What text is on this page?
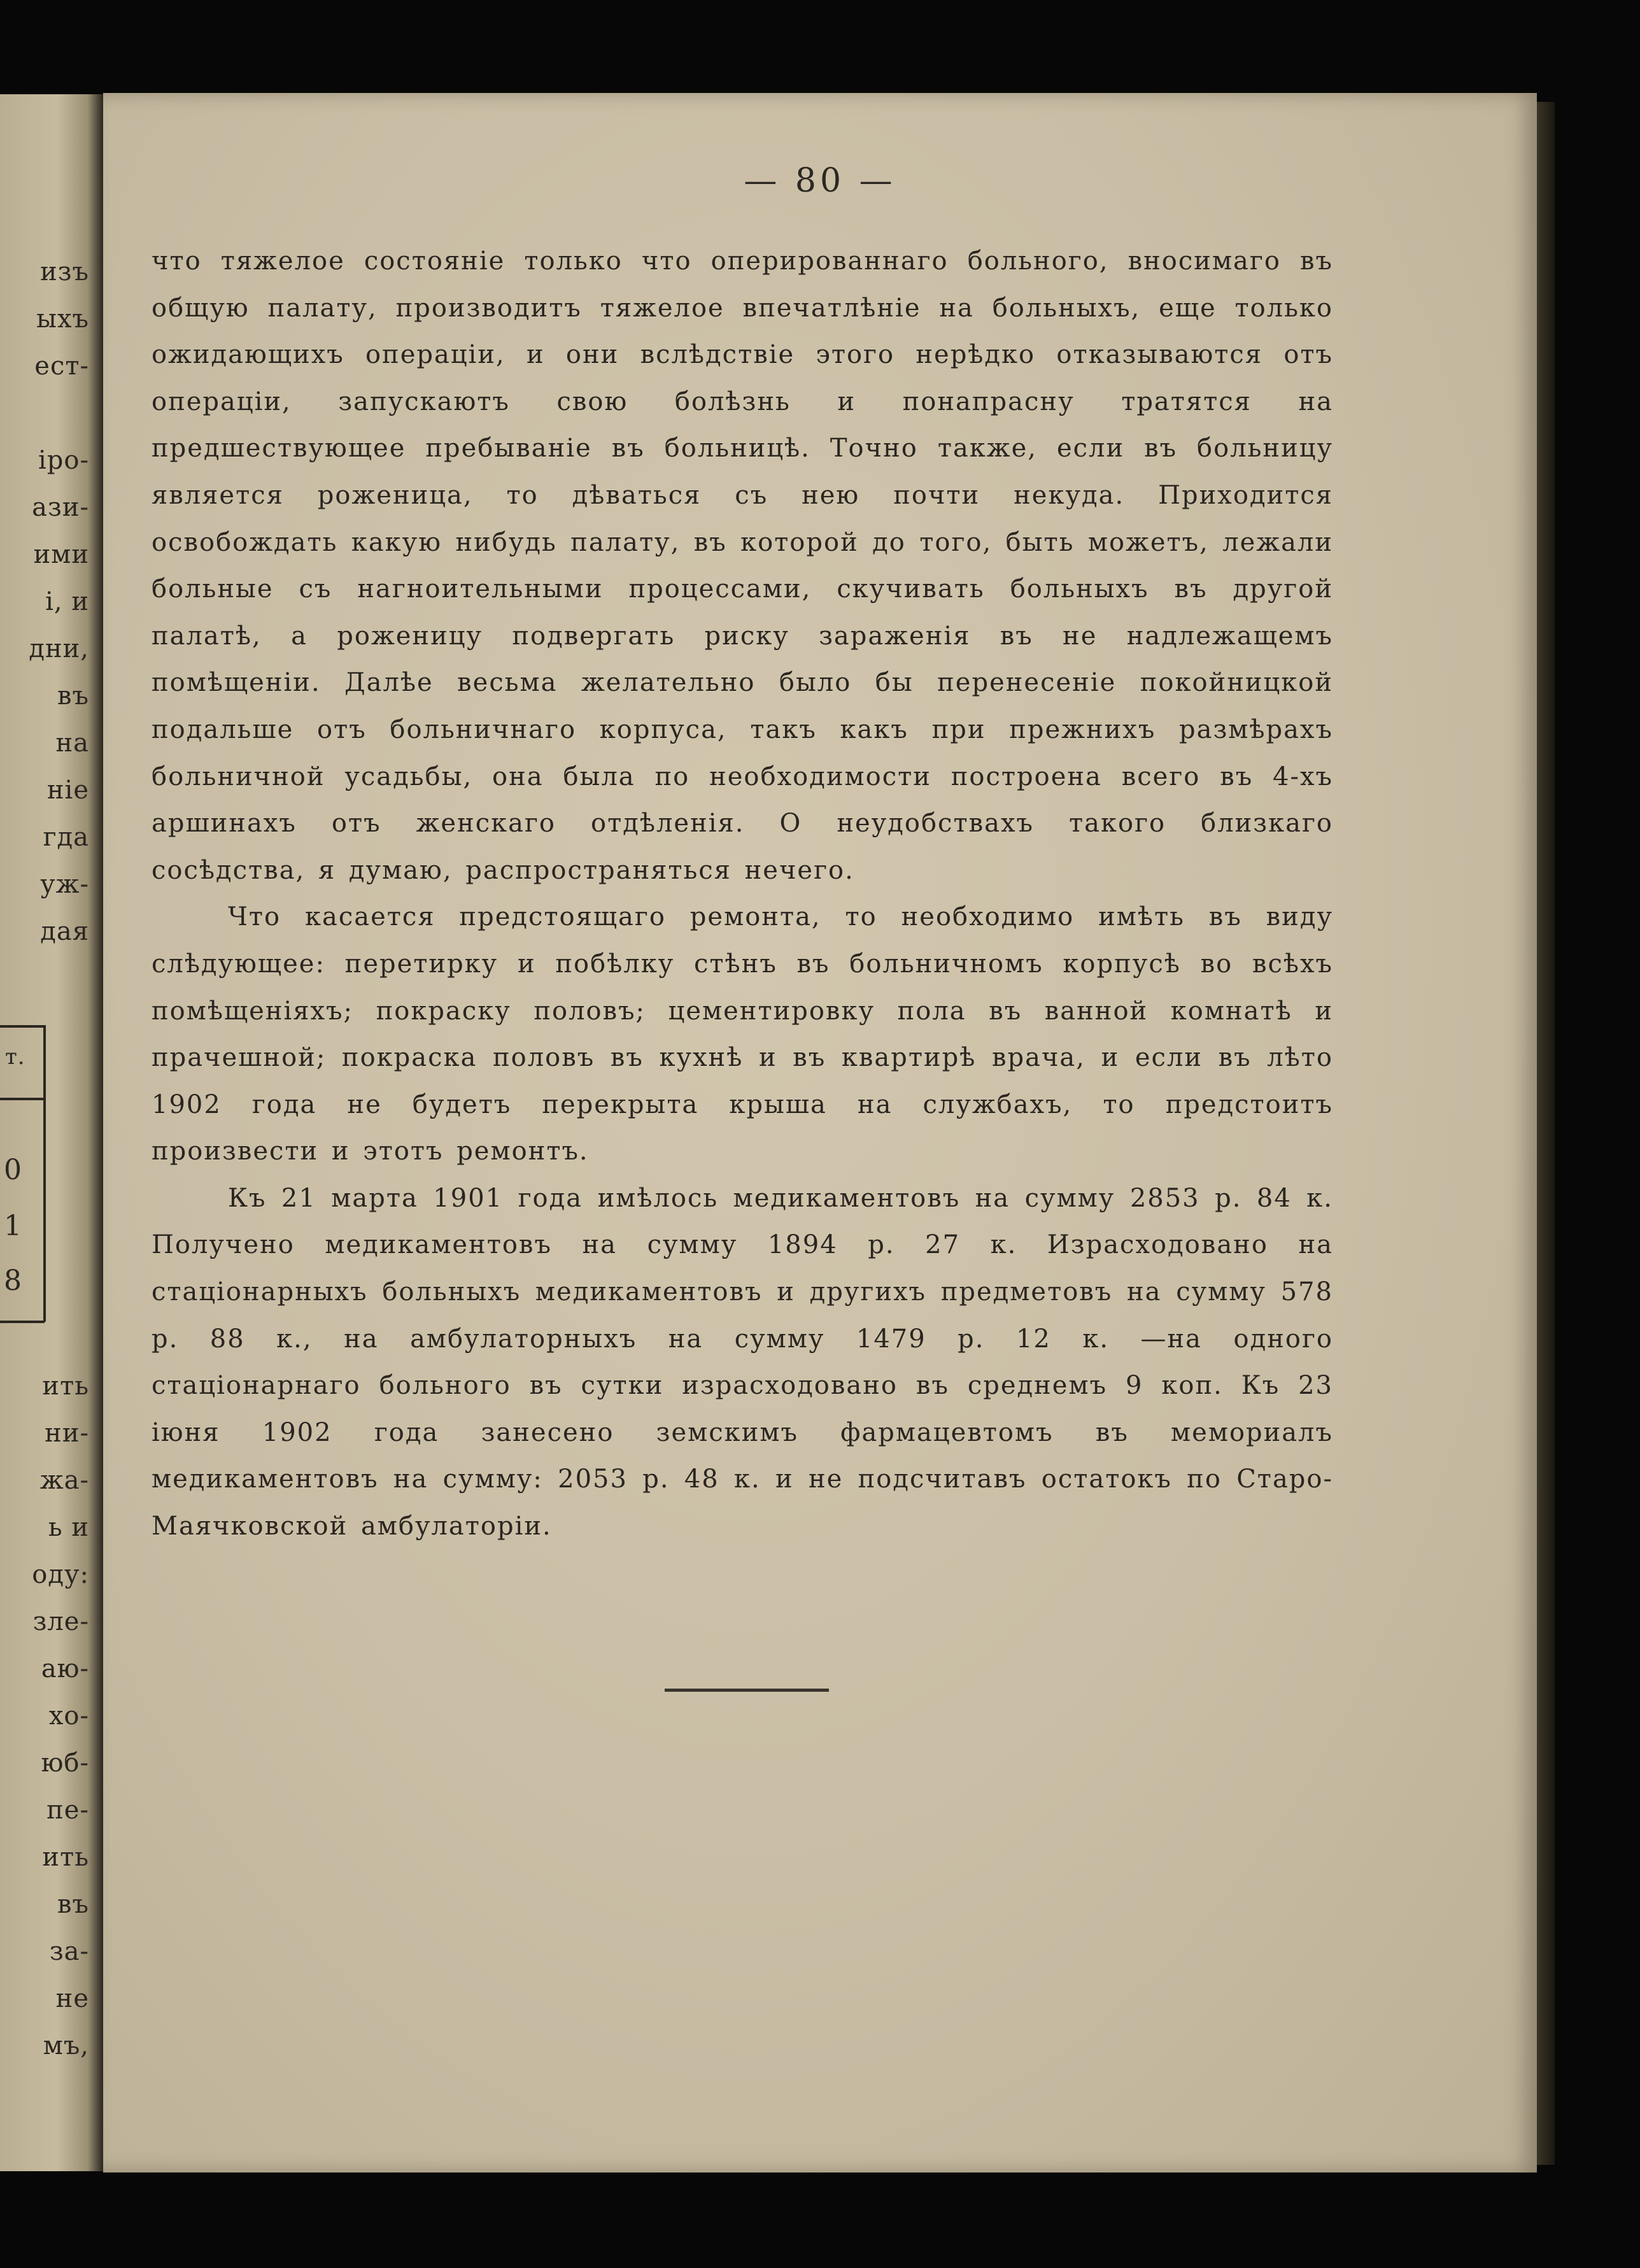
изъ
ыхъ
ест-
іро-
ази-
ими
і, и
дни,
въ
на
ніе
гда
уж-
дая
т.
0
1
8
ить
ни-
жа-
ь и
оду:
зле-
аю-
хо-
юб-
пе-
ить
въ
за-
не
мъ,
— 80 —

что тяжелое состоянiе только что оперированнаго больного, вносимаго въ общую палату, производитъ тяжелое впечатлѣнiе на больныхъ, еще только ожидающихъ операцiи, и они вслѣдствiе этого нерѣдко отказываются отъ операцiи, запускаютъ свою болѣзнь и понапрасну тратятся на предшествующее пребыванiе въ больницѣ. Точно также, если въ больницу является роженица, то дѣваться съ нею почти некуда. Приходится освобождать какую нибудь палату, въ которой до того, быть можетъ, лежали больные съ нагноительными процессами, скучивать больныхъ въ другой палатѣ, а роженицу подвергать риску зараженiя въ не надлежащемъ помѣщенiи. Далѣе весьма желательно было бы перенесенiе покойницкой подальше отъ больничнаго корпуса, такъ какъ при прежнихъ размѣрахъ больничной усадьбы, она была по необходимости построена всего въ 4-хъ аршинахъ отъ женскаго отдѣленiя. О неудобствахъ такого близкаго сосѣдства, я думаю, распространяться нечего.

Что касается предстоящаго ремонта, то необходимо имѣть въ виду слѣдующее: перетирку и побѣлку стѣнъ въ больничномъ корпусѣ во всѣхъ помѣщенiяхъ; покраску половъ; цементировку пола въ ванной комнатѣ и прачешной; покраска половъ въ кухнѣ и въ квартирѣ врача, и если въ лѣто 1902 года не будетъ перекрыта крыша на службахъ, то предстоитъ произвести и этотъ ремонтъ.

Къ 21 марта 1901 года имѣлось медикаментовъ на сумму 2853 р. 84 к. Получено медикаментовъ на сумму 1894 р. 27 к. Израсходовано на стацiонарныхъ больныхъ медикаментовъ и другихъ предметовъ на сумму 578 р. 88 к., на амбулаторныхъ на сумму 1479 р. 12 к. —на одного стацiонарнаго больного въ сутки израсходовано въ среднемъ 9 коп. Къ 23 iюня 1902 года занесено земскимъ фармацевтомъ въ мемориалъ медикаментовъ на сумму: 2053 р. 48 к. и не подсчитавъ остатокъ по Старо-Маячковской амбулаторiи.
